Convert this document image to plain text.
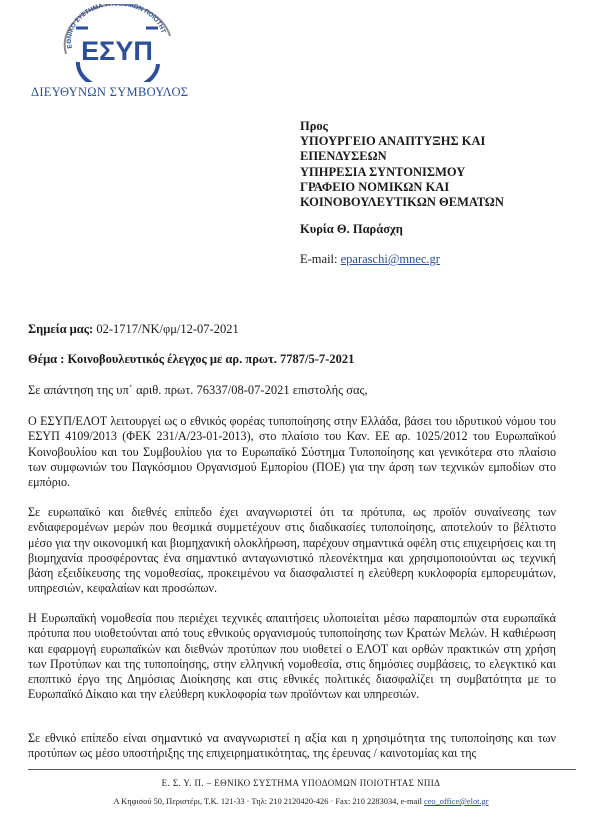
ΕΘΝΙΚΟ ΣΥΣΤΗΜΑ ΥΠΟΔΟΜΩΝ ΠΟΙΟΤΗΤ
ΕΣΥΠ
ΔΙΕΥΘΥΝΩΝ ΣΥΜΒΟΥΛΟΣ
Προς
ΥΠΟΥΡΓΕΙΟ ΑΝΑΠΤΥΞΗΣ ΚΑΙ
ΕΠΕΝΔΥΣΕΩΝ
ΥΠΗΡΕΣΙΑ ΣΥΝΤΟΝΙΣΜΟΥ
ΓΡΑΦΕΙΟ ΝΟΜΙΚΩΝ ΚΑΙ
ΚΟΙΝΟΒΟΥΛΕΥΤΙΚΩΝ ΘΕΜΑΤΩΝ
Κυρία Θ. Παράσχη
E-mail: eparaschi@mnec.gr
Σημεία μας: 02-1717/ΝΚ/φμ/12-07-2021
Θέμα : Κοινοβουλευτικός έλεγχος με αρ. πρωτ. 7787/5-7-2021
Σε απάντηση της υπ΄ αριθ. πρωτ. 76337/08-07-2021 επιστολής σας,
Ο ΕΣΥΠ/ΕΛΟΤ λειτουργεί ως ο εθνικός φορέας τυποποίησης στην Ελλάδα, βάσει του ιδρυτικού νόμου του ΕΣΥΠ 4109/2013 (ΦΕΚ 231/Α/23-01-2013), στο πλαίσιο του Καν. ΕΕ αρ. 1025/2012 του Ευρωπαϊκού Κοινοβουλίου και του Συμβουλίου για το Ευρωπαϊκό Σύστημα Τυποποίησης και γενικότερα στο πλαίσιο των συμφωνιών του Παγκόσμιου Οργανισμού Εμπορίου (ΠΟΕ) για την άρση των τεχνικών εμποδίων στο εμπόριο.
Σε ευρωπαϊκό και διεθνές επίπεδο έχει αναγνωριστεί ότι τα πρότυπα, ως προϊόν συναίνεσης των ενδιαφερομένων μερών που θεσμικά συμμετέχουν στις διαδικασίες τυποποίησης, αποτελούν το βέλτιστο μέσο για την οικονομική και βιομηχανική ολοκλήρωση, παρέχουν σημαντικά οφέλη στις επιχειρήσεις και τη βιομηχανία προσφέροντας ένα σημαντικό ανταγωνιστικό πλεονέκτημα και χρησιμοποιούνται ως τεχνική βάση εξειδίκευσης της νομοθεσίας, προκειμένου να διασφαλιστεί η ελεύθερη κυκλοφορία εμπορευμάτων, υπηρεσιών, κεφαλαίων και προσώπων.
Η Ευρωπαϊκή νομοθεσία που περιέχει τεχνικές απαιτήσεις υλοποιείται μέσω παραπομπών στα ευρωπαϊκά πρότυπα που υιοθετούνται από τους εθνικούς οργανισμούς τυποποίησης των Κρατών Μελών. Η καθιέρωση και εφαρμογή ευρωπαϊκών και διεθνών προτύπων που υιοθετεί ο ΕΛΟΤ και ορθών πρακτικών στη χρήση των Προτύπων και της τυποποίησης, στην ελληνική νομοθεσία, στις δημόσιες συμβάσεις, το ελεγκτικό και εποπτικό έργο της Δημόσιας Διοίκησης και στις εθνικές πολιτικές διασφαλίζει τη συμβατότητα με το Ευρωπαϊκό Δίκαιο και την ελεύθερη κυκλοφορία των προϊόντων και υπηρεσιών.
Σε εθνικό επίπεδο είναι σημαντικό να αναγνωριστεί η αξία και η χρησιμότητα της τυποποίησης και των προτύπων ως μέσο υποστήριξης της επιχειρηματικότητας, της έρευνας / καινοτομίας και της
Ε. Σ. Υ. Π. – ΕΘΝΙΚΟ ΣΥΣΤΗΜΑ ΥΠΟΔΟΜΩΝ ΠΟΙΟΤΗΤΑΣ ΝΠΙΔ
Α Κηφισού 50, Περιστέρι, Τ.Κ. 121-33 · Τηλ: 210 2120420-426 · Fax: 210 2283034, e-mail ceo_office@elot.gr
